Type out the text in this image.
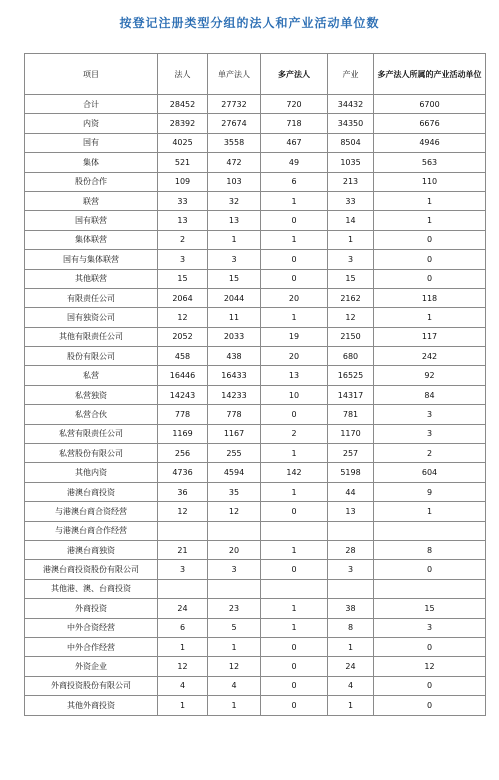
按登记注册类型分组的法人和产业活动单位数
项目	法人	单产法人	多产法人	产业	多产法人所属的产业活动单位
合计	28452	27732	720	34432	6700
内资	28392	27674	718	34350	6676
国有	4025	3558	467	8504	4946
集体	521	472	49	1035	563
股份合作	109	103	6	213	110
联营	33	32	1	33	1
国有联营	13	13	0	14	1
集体联营	2	1	1	1	0
国有与集体联营	3	3	0	3	0
其他联营	15	15	0	15	0
有限责任公司	2064	2044	20	2162	118
国有独资公司	12	11	1	12	1
其他有限责任公司	2052	2033	19	2150	117
股份有限公司	458	438	20	680	242
私营	16446	16433	13	16525	92
私营独资	14243	14233	10	14317	84
私营合伙	778	778	0	781	3
私营有限责任公司	1169	1167	2	1170	3
私营股份有限公司	256	255	1	257	2
其他内资	4736	4594	142	5198	604
港澳台商投资	36	35	1	44	9
与港澳台商合资经营	12	12	0	13	1
与港澳台商合作经营					
港澳台商独资	21	20	1	28	8
港澳台商投资股份有限公司	3	3	0	3	0
其他港、澳、台商投资					
外商投资	24	23	1	38	15
中外合资经营	6	5	1	8	3
中外合作经营	1	1	0	1	0
外资企业	12	12	0	24	12
外商投资股份有限公司	4	4	0	4	0
其他外商投资	1	1	0	1	0
